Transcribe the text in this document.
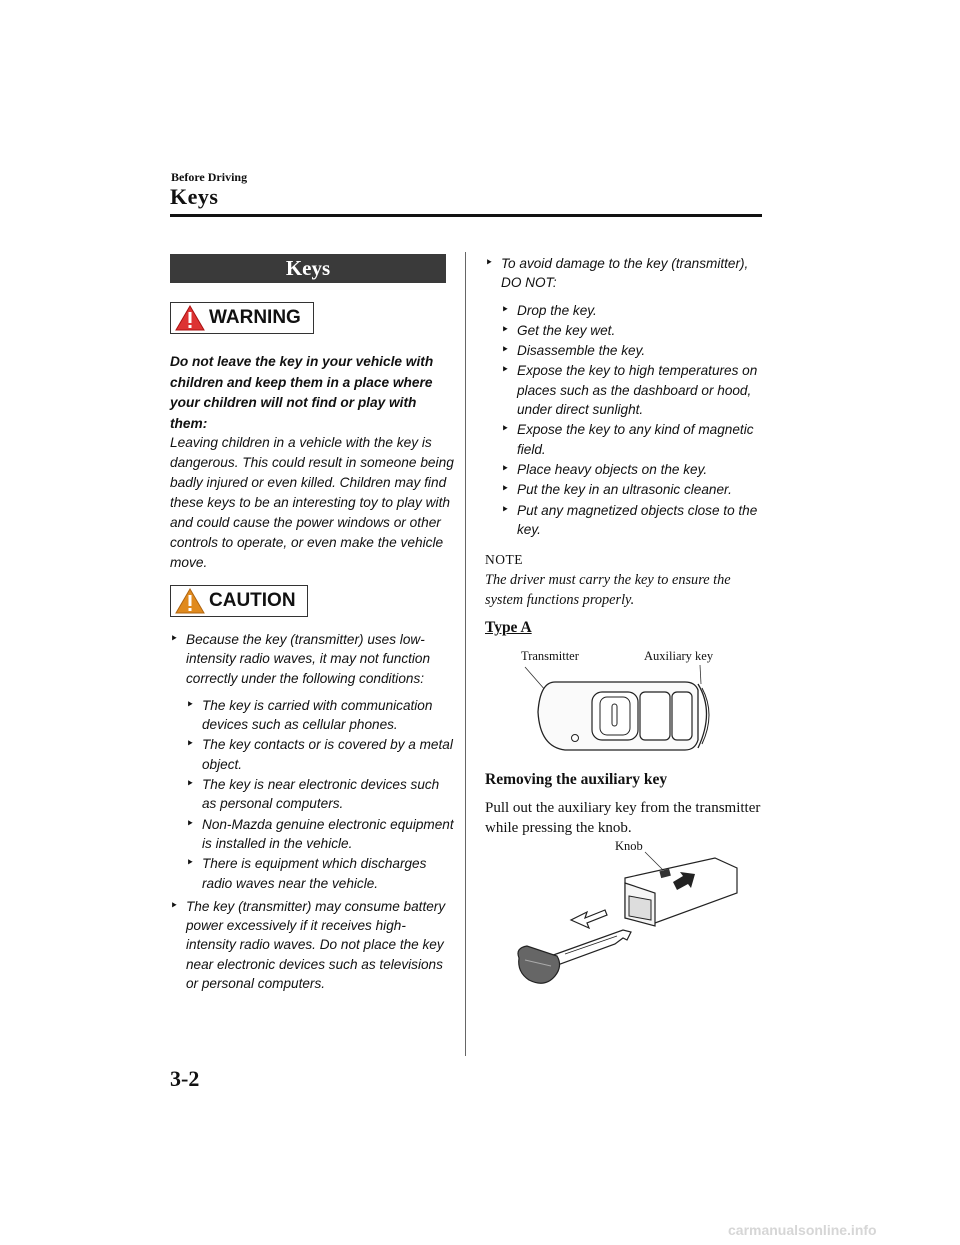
Before Driving
Keys
Keys
WARNING
Do not leave the key in your vehicle with children and keep them in a place where your children will not find or play with them:
Leaving children in a vehicle with the key is dangerous. This could result in someone being badly injured or even killed. Children may find these keys to be an interesting toy to play with and could cause the power windows or other controls to operate, or even make the vehicle move.
CAUTION
‣ Because the key (transmitter) uses low-intensity radio waves, it may not function correctly under the following conditions:
‣ The key is carried with communication devices such as cellular phones.
‣ The key contacts or is covered by a metal object.
‣ The key is near electronic devices such as personal computers.
‣ Non-Mazda genuine electronic equipment is installed in the vehicle.
‣ There is equipment which discharges radio waves near the vehicle.
‣ The key (transmitter) may consume battery power excessively if it receives high-intensity radio waves. Do not place the key near electronic devices such as televisions or personal computers.
‣ To avoid damage to the key (transmitter), DO NOT:
‣ Drop the key.
‣ Get the key wet.
‣ Disassemble the key.
‣ Expose the key to high temperatures on places such as the dashboard or hood, under direct sunlight.
‣ Expose the key to any kind of magnetic field.
‣ Place heavy objects on the key.
‣ Put the key in an ultrasonic cleaner.
‣ Put any magnetized objects close to the key.
NOTE
The driver must carry the key to ensure the system functions properly.
Type A
Transmitter	Auxiliary key
Removing the auxiliary key
Pull out the auxiliary key from the transmitter while pressing the knob.
Knob
3-2
carmanualsonline.info
